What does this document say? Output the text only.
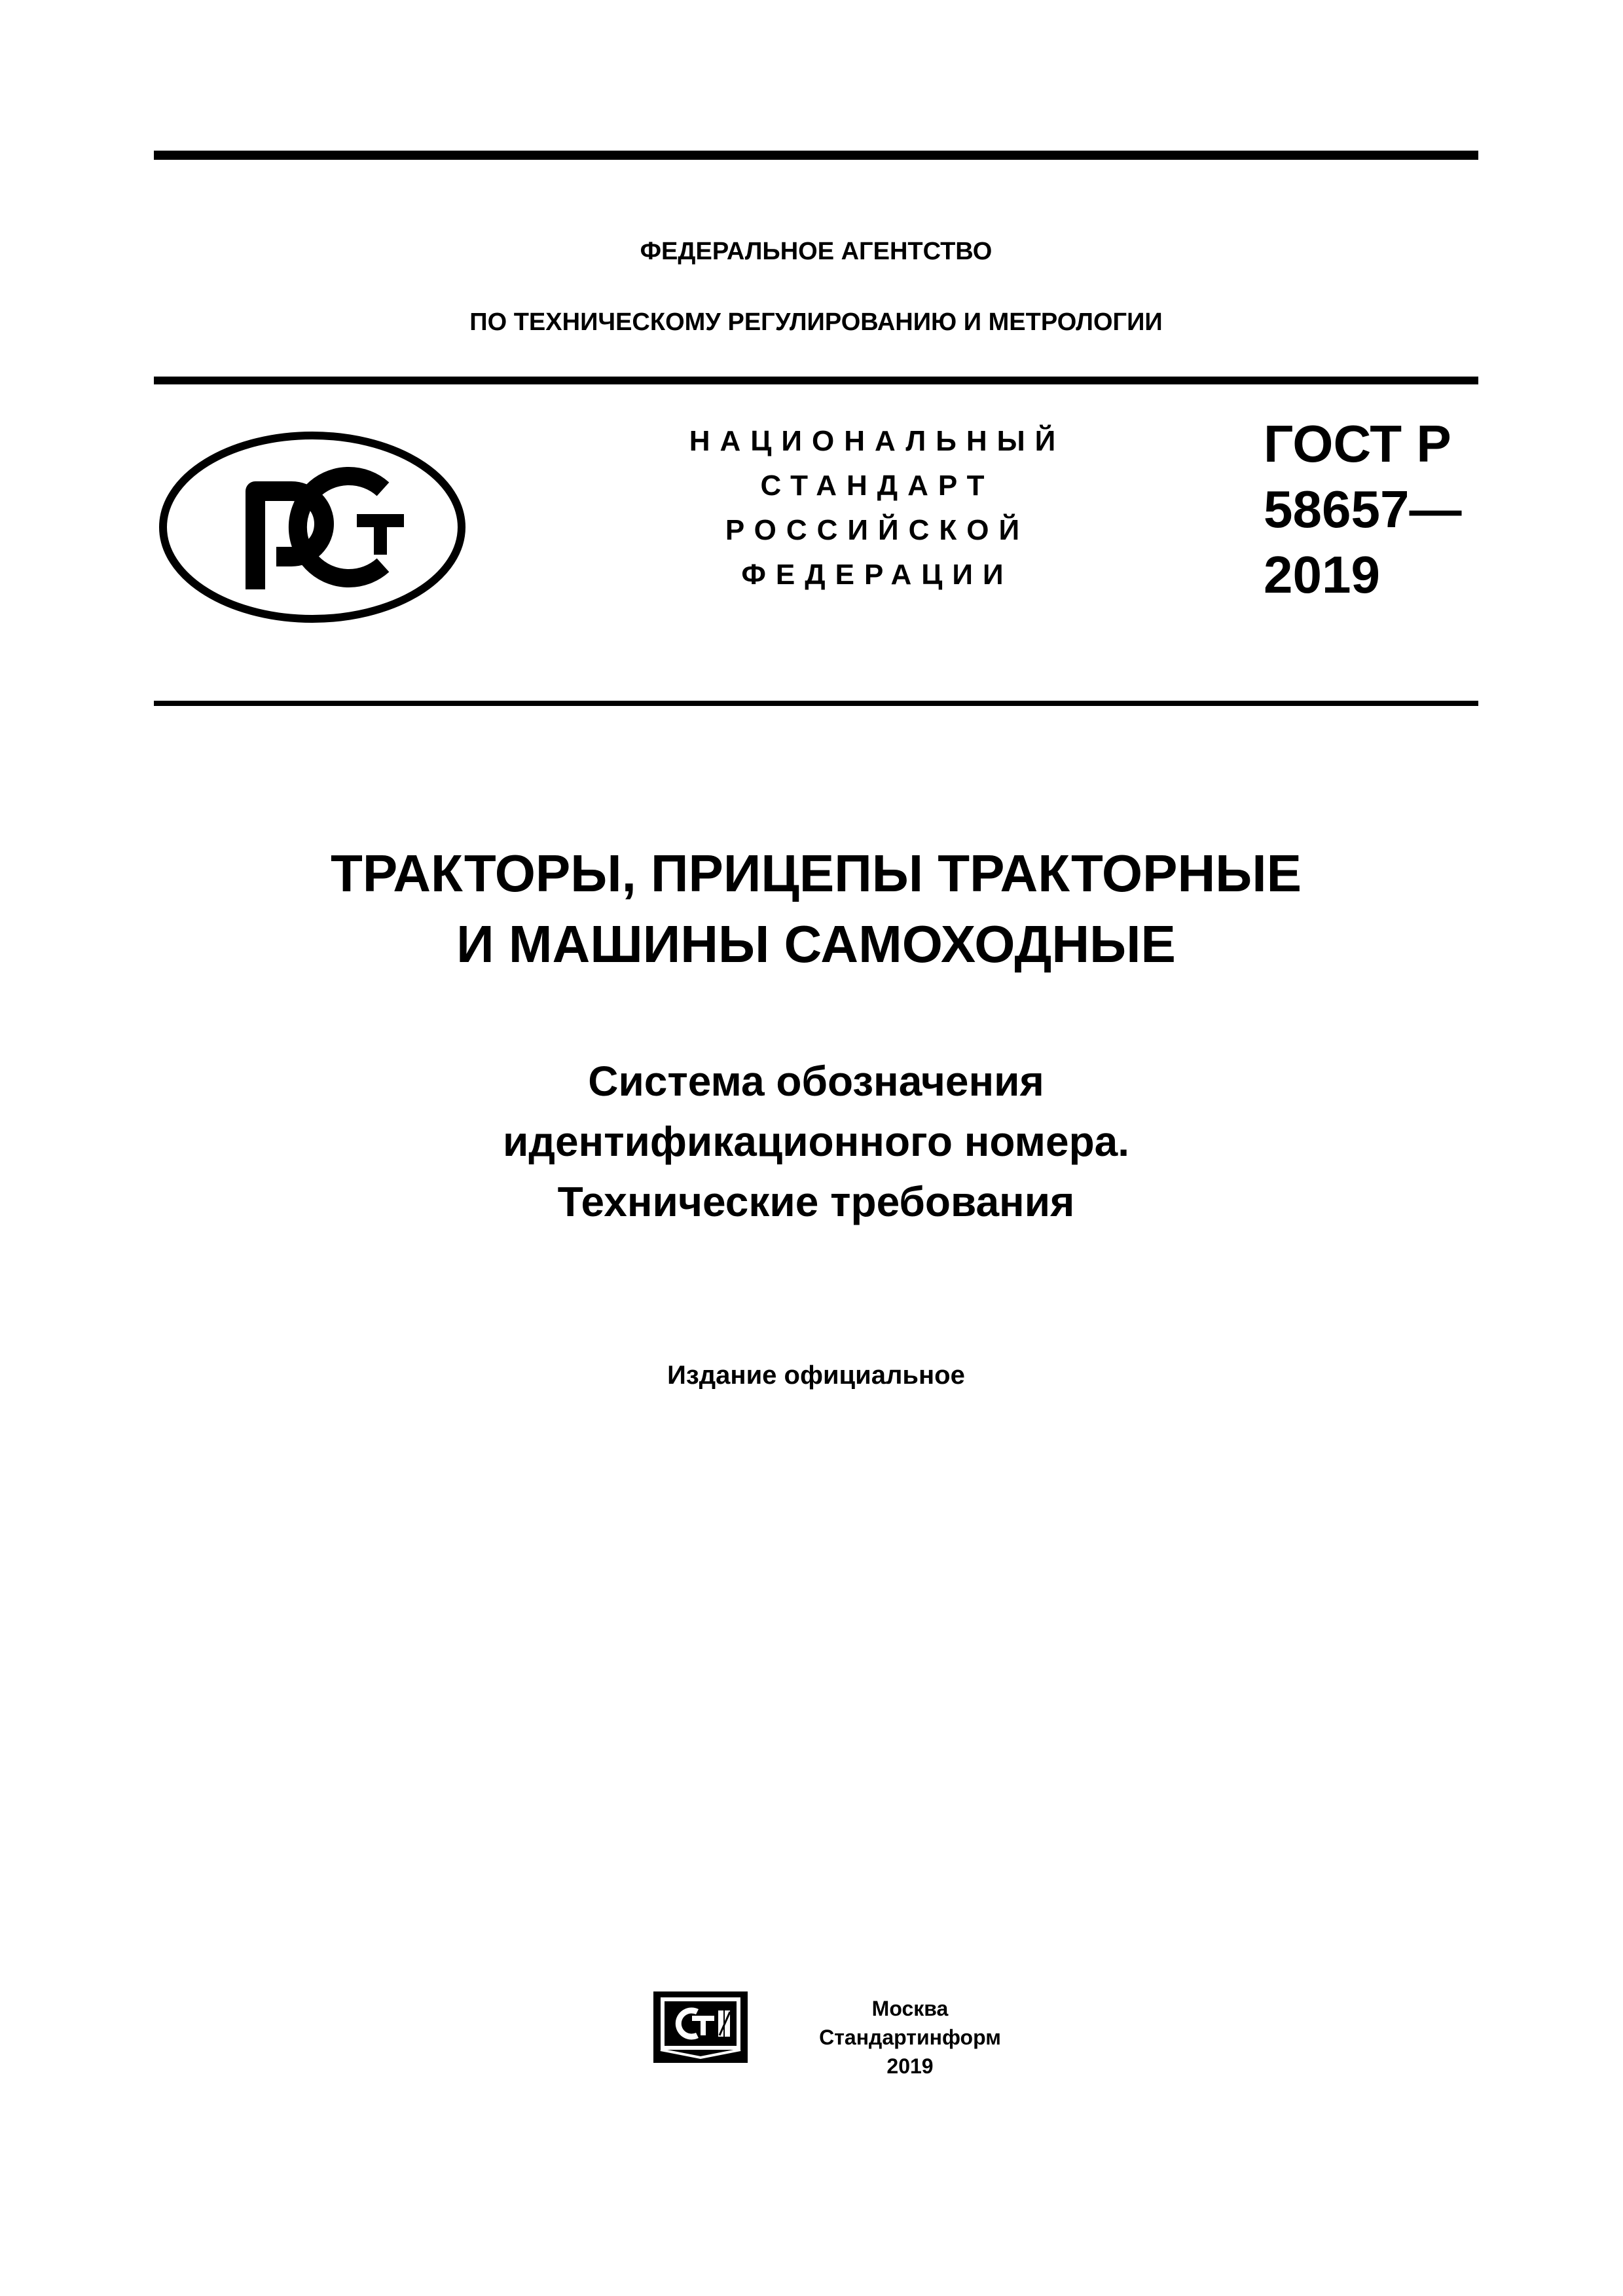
ФЕДЕРАЛЬНОЕ АГЕНТСТВО
ПО ТЕХНИЧЕСКОМУ РЕГУЛИРОВАНИЮ И МЕТРОЛОГИИ
НАЦИОНАЛЬНЫЙ
СТАНДАРТ
РОССИЙСКОЙ
ФЕДЕРАЦИИ
ГОСТ Р
58657—
2019
ТРАКТОРЫ, ПРИЦЕПЫ ТРАКТОРНЫЕ
И МАШИНЫ САМОХОДНЫЕ
Система обозначения
идентификационного номера.
Технические требования
Издание официальное
Москва
Стандартинформ
2019
